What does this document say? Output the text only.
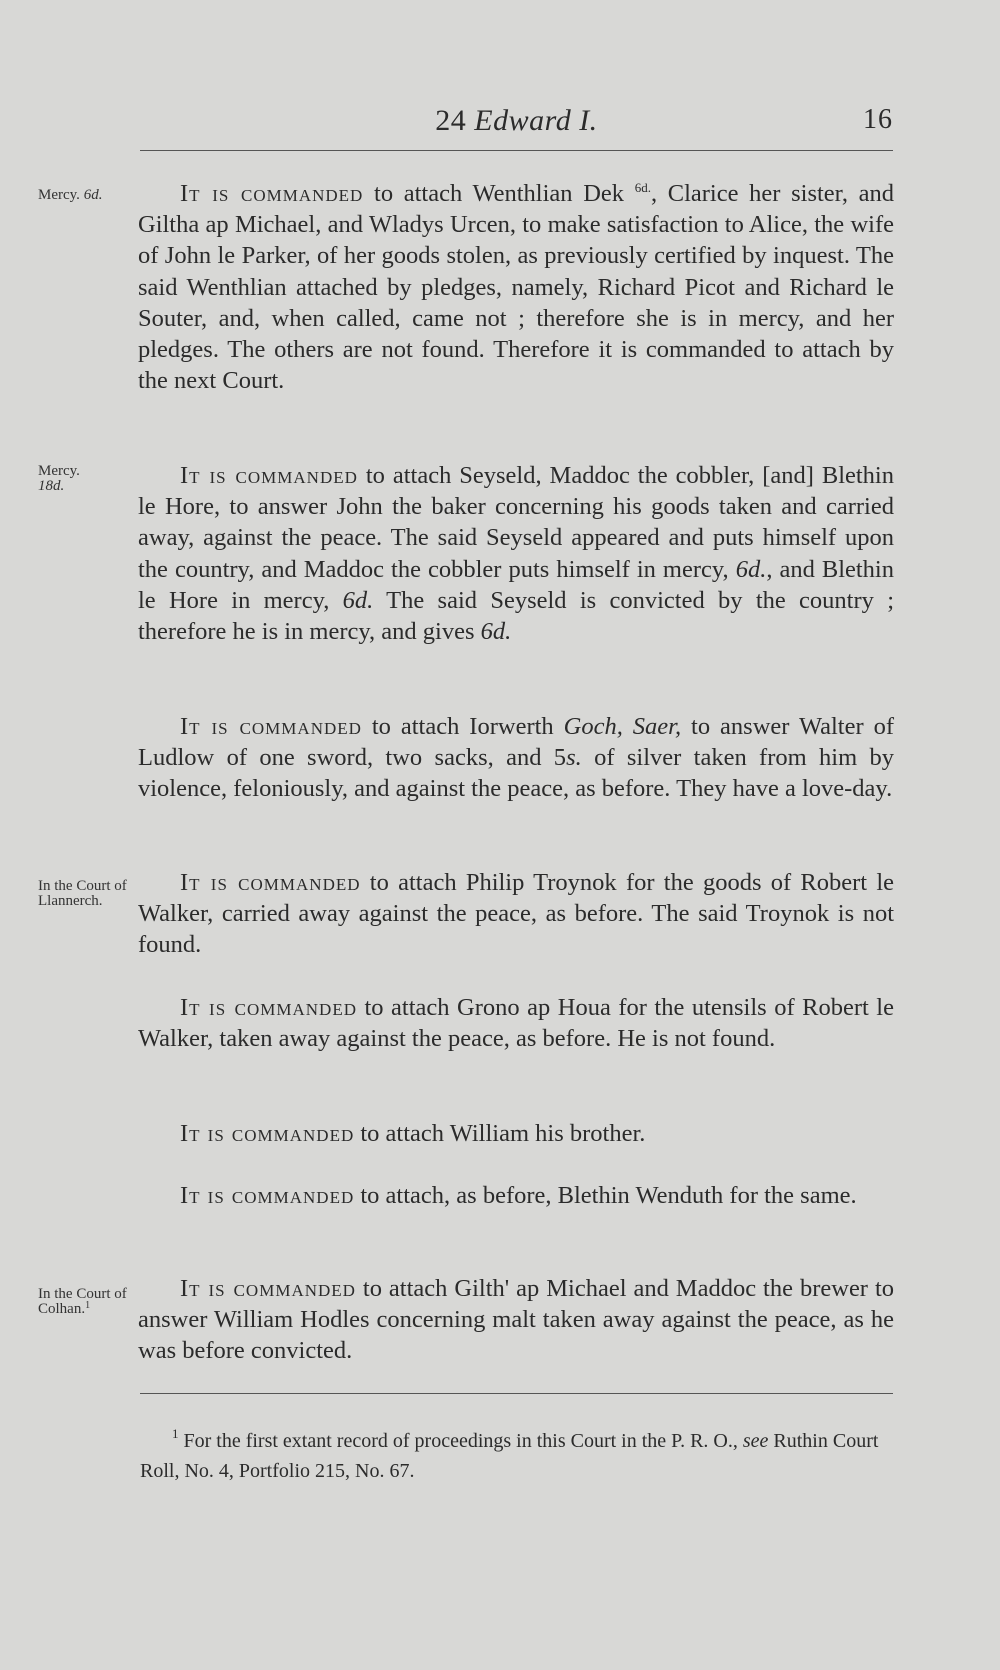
24 Edward I.	16
Mercy. 6d.	It is commanded to attach Wenthlian Dek $^{6d.}$, Clarice her sister, and Giltha ap Michael, and Wladys Urcen, to make satisfaction to Alice, the wife of John le Parker, of her goods stolen, as previously certified by inquest. The said Wenthlian attached by pledges, namely, Richard Picot and Richard le Souter, and, when called, came not ; therefore she is in mercy, and her pledges. The others are not found. Therefore it is commanded to attach by the next Court.
Mercy.
18d.	It is commanded to attach Seyseld, Maddoc the cobbler, [and] Blethin le Hore, to answer John the baker concerning his goods taken and carried away, against the peace. The said Seyseld appeared and puts himself upon the country, and Maddoc the cobbler puts himself in mercy, 6d., and Blethin le Hore in mercy, 6d. The said Seyseld is convicted by the country ; therefore he is in mercy, and gives 6d.
It is commanded to attach Iorwerth Goch, Saer, to answer Walter of Ludlow of one sword, two sacks, and 5s. of silver taken from him by violence, feloniously, and against the peace, as before. They have a love-day.
In the Court of Llannerch.
It is commanded to attach Philip Troynok for the goods of Robert le Walker, carried away against the peace, as before. The said Troynok is not found.
It is commanded to attach Grono ap Houa for the utensils of Robert le Walker, taken away against the peace, as before. He is not found.
It is commanded to attach William his brother.
It is commanded to attach, as before, Blethin Wenduth for the same.
In the Court of Colhan.$^1$
It is commanded to attach Gilth' ap Michael and Maddoc the brewer to answer William Hodles concerning malt taken away against the peace, as he was before convicted.
$^1$ For the first extant record of proceedings in this Court in the P. R. O., see Ruthin Court Roll, No. 4, Portfolio 215, No. 67.
